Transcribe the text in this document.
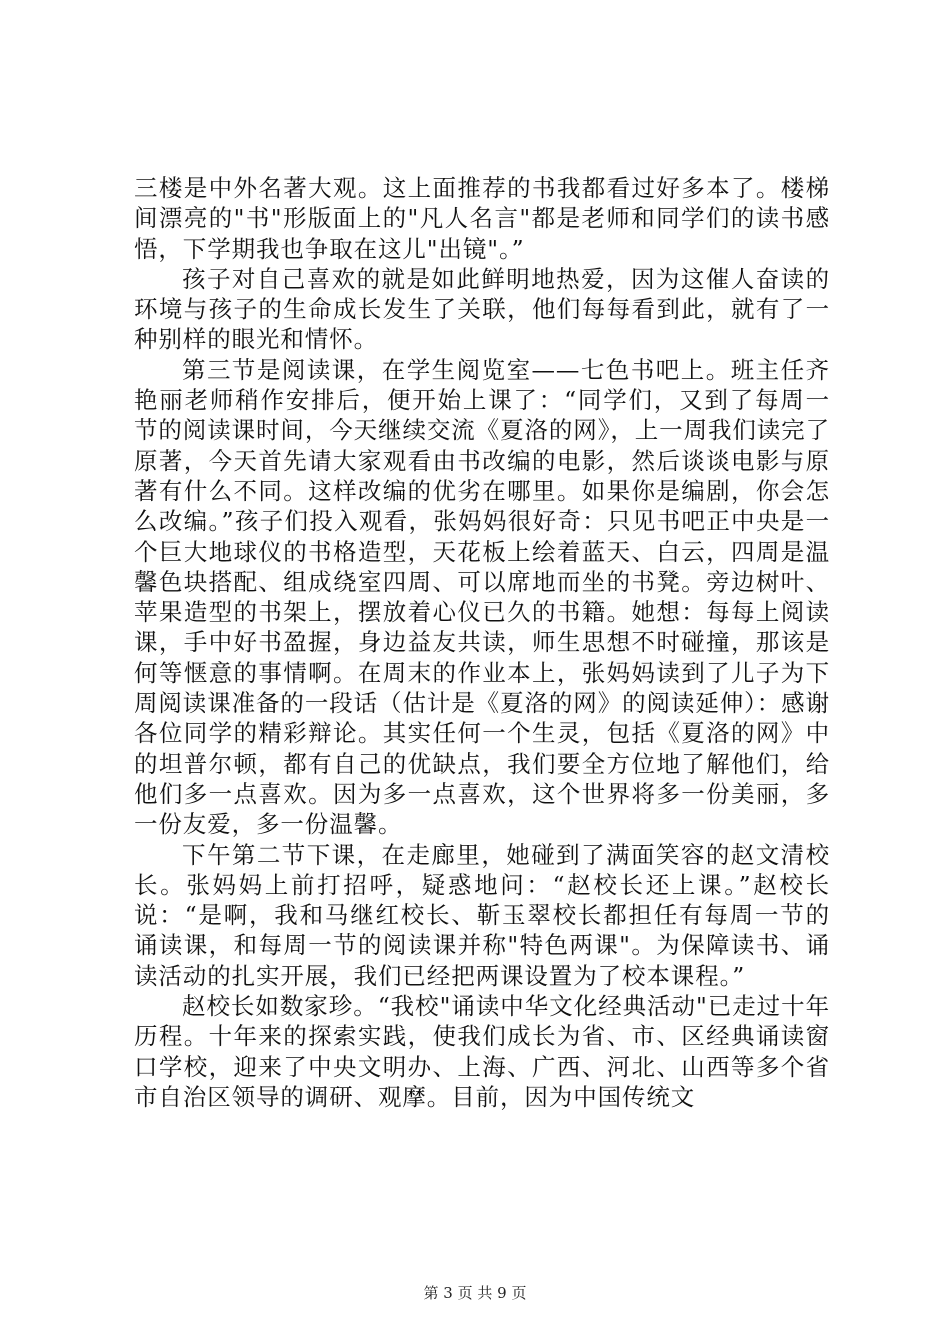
三楼是中外名著大观。这上面推荐的书我都看过好多本了。楼梯间漂亮的"书"形版面上的"凡人名言"都是老师和同学们的读书感悟，下学期我也争取在这儿"出镜"。”

孩子对自己喜欢的就是如此鲜明地热爱，因为这催人奋读的环境与孩子的生命成长发生了关联，他们每每看到此，就有了一种别样的眼光和情怀。

第三节是阅读课，在学生阅览室——七色书吧上。班主任齐艳丽老师稍作安排后，便开始上课了：“同学们，又到了每周一节的阅读课时间，今天继续交流《夏洛的网》，上一周我们读完了原著，今天首先请大家观看由书改编的电影，然后谈谈电影与原著有什么不同。这样改编的优劣在哪里。如果你是编剧，你会怎么改编。”孩子们投入观看，张妈妈很好奇：只见书吧正中央是一个巨大地球仪的书格造型，天花板上绘着蓝天、白云，四周是温馨色块搭配、组成绕室四周、可以席地而坐的书凳。旁边树叶、苹果造型的书架上，摆放着心仪已久的书籍。她想：每每上阅读课，手中好书盈握，身边益友共读，师生思想不时碰撞，那该是何等惬意的事情啊。在周末的作业本上，张妈妈读到了儿子为下周阅读课准备的一段话（估计是《夏洛的网》的阅读延伸）：感谢各位同学的精彩辩论。其实任何一个生灵，包括《夏洛的网》中的坦普尔顿，都有自己的优缺点，我们要全方位地了解他们，给他们多一点喜欢。因为多一点喜欢，这个世界将多一份美丽，多一份友爱，多一份温馨。

下午第二节下课，在走廊里，她碰到了满面笑容的赵文清校长。张妈妈上前打招呼，疑惑地问：“赵校长还上课。”赵校长说：“是啊，我和马继红校长、靳玉翠校长都担任有每周一节的诵读课，和每周一节的阅读课并称"特色两课"。为保障读书、诵读活动的扎实开展，我们已经把两课设置为了校本课程。”

赵校长如数家珍。“我校"诵读中华文化经典活动"已走过十年历程。十年来的探索实践，使我们成长为省、市、区经典诵读窗口学校，迎来了中央文明办、上海、广西、河北、山西等多个省市自治区领导的调研、观摩。目前，因为中国传统文

第 3 页 共 9 页
